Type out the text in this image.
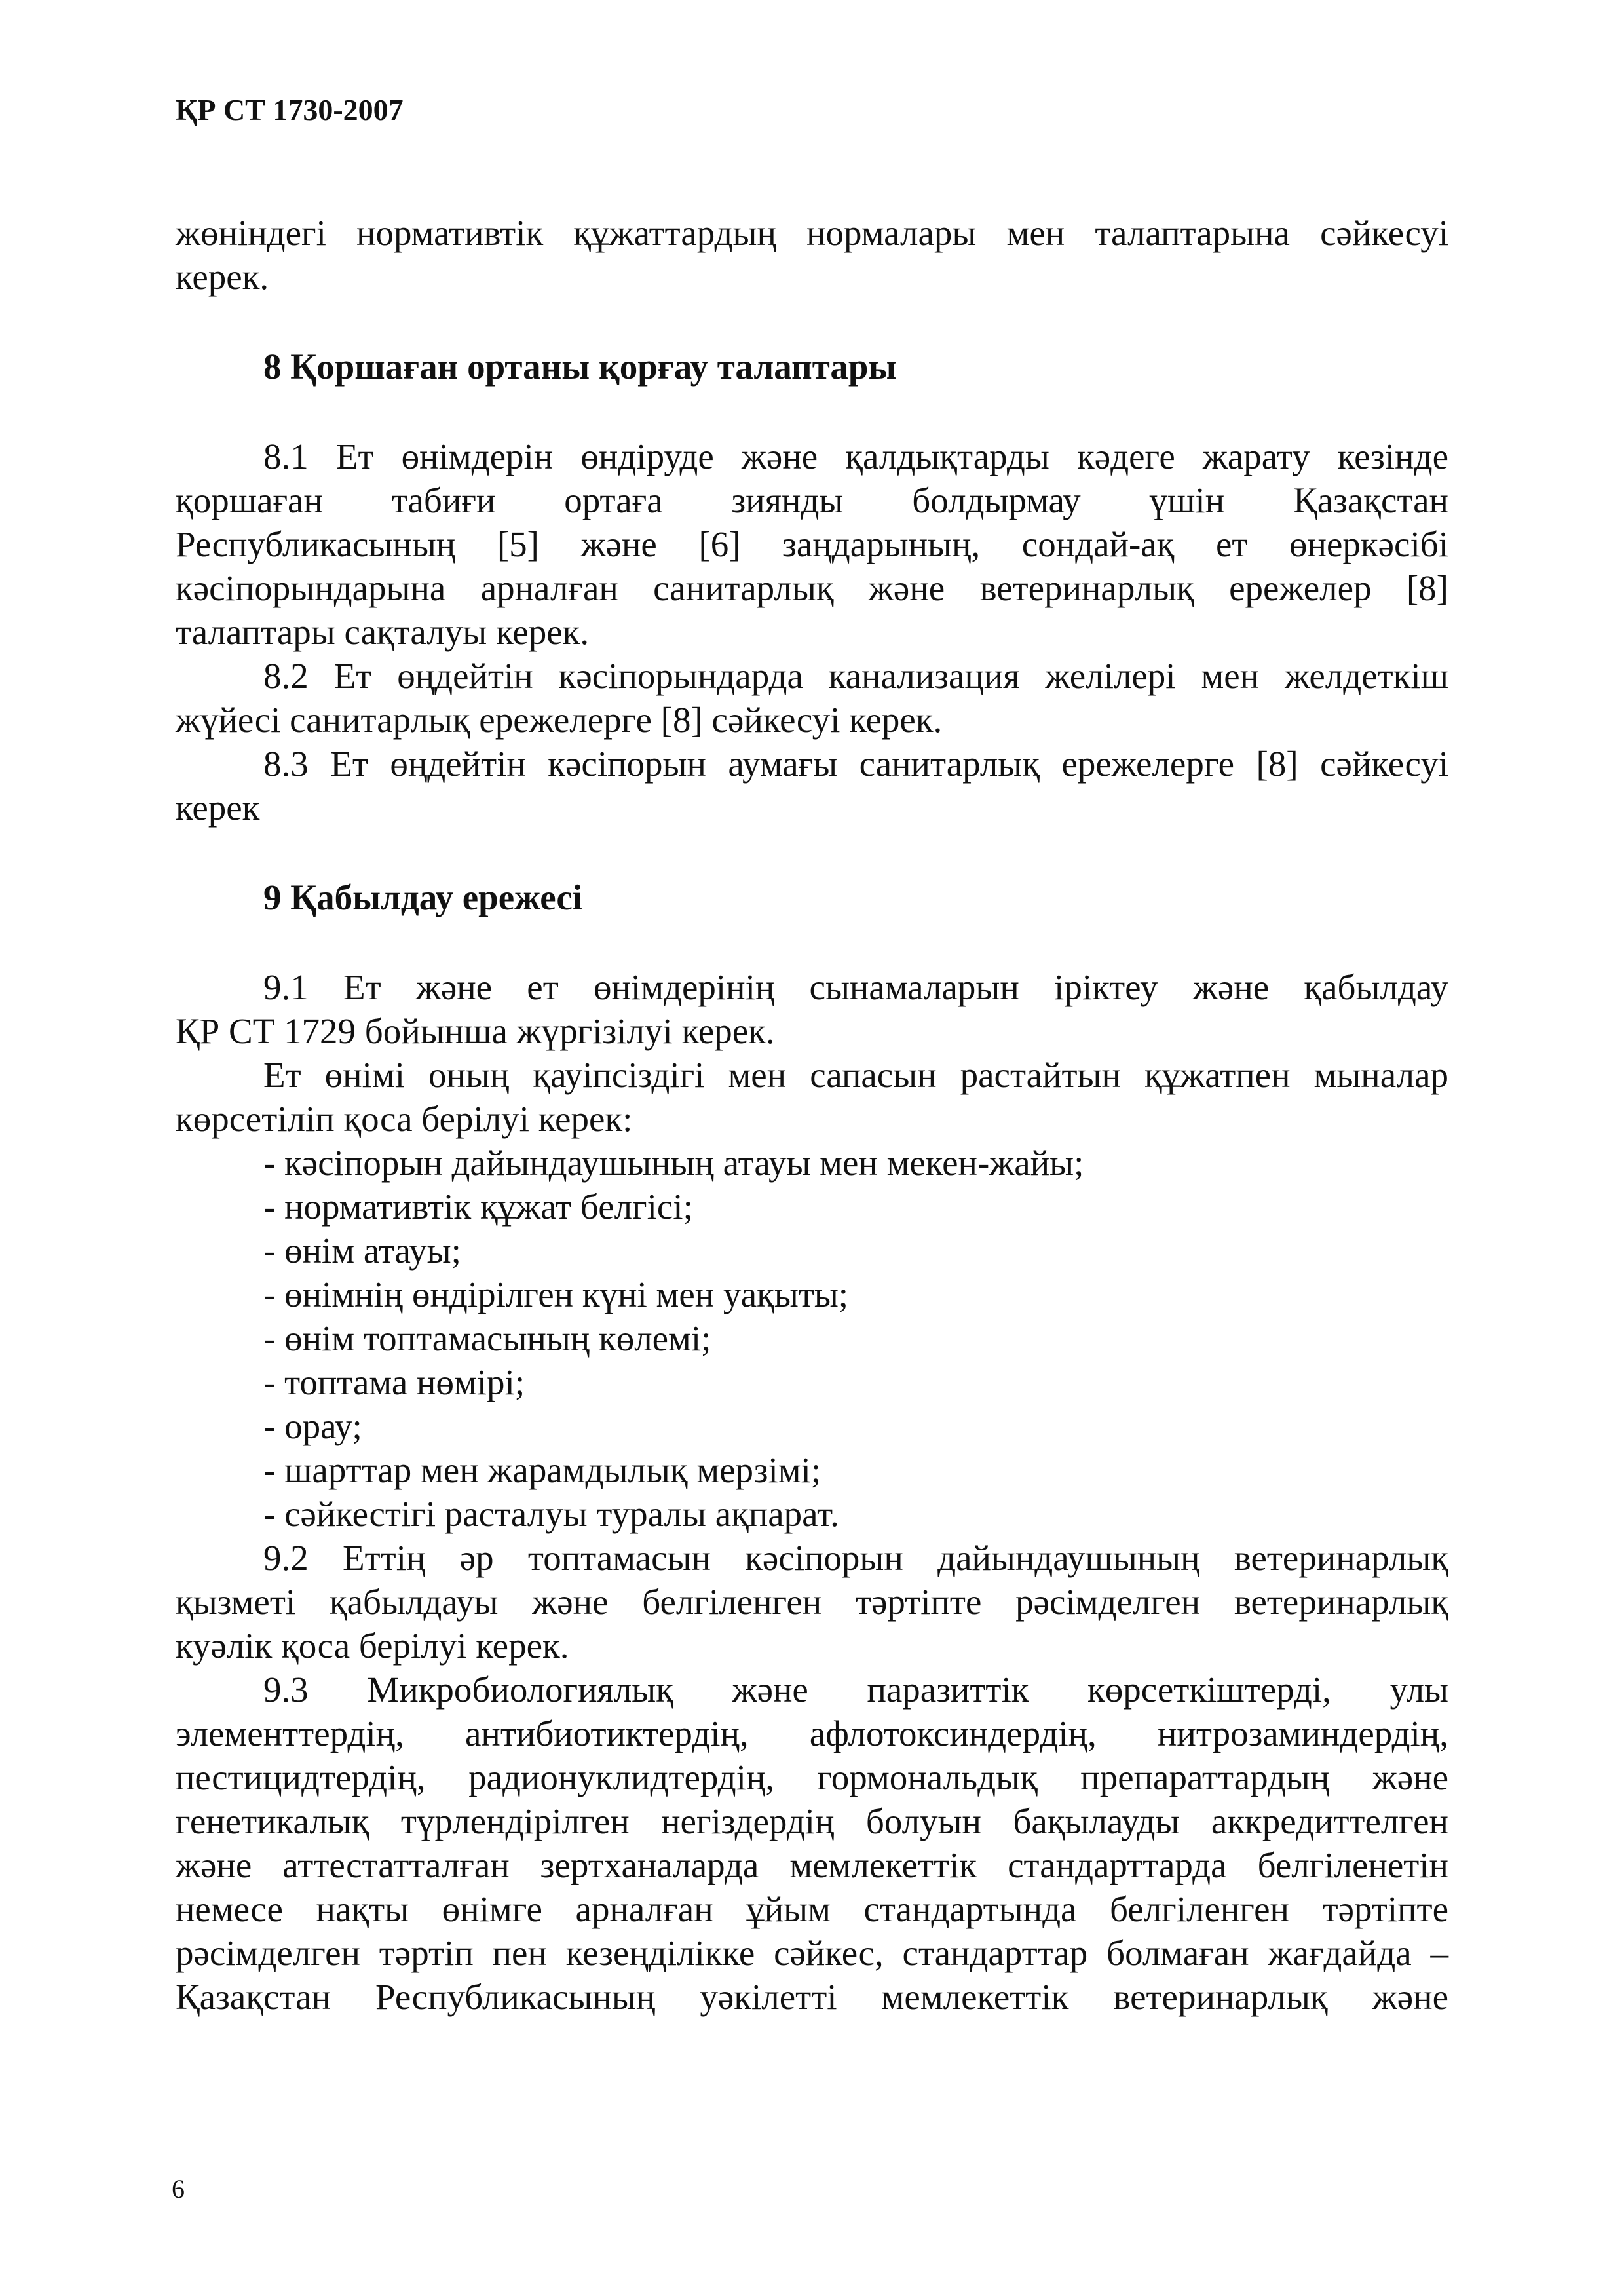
ҚР СТ 1730-2007

жөніндегі нормативтік құжаттардың нормалары мен талаптарына сәйкесуі

керек.

8 Қоршаған ортаны қорғау талаптары

8.1 Ет өнімдерін өндіруде және қалдықтарды кәдеге жарату кезінде

қоршаған табиғи ортаға зиянды болдырмау үшін Қазақстан

Республикасының [5] және [6] заңдарының, сондай-ақ ет өнеркәсібі

кәсіпорындарына арналған санитарлық және ветеринарлық ережелер [8]

талаптары сақталуы керек.

8.2 Ет өңдейтін кәсіпорындарда канализация желілері мен желдеткіш

жүйесі санитарлық ережелерге [8] сәйкесуі керек.

8.3 Ет өңдейтін кәсіпорын аумағы санитарлық ережелерге [8] сәйкесуі

керек

9 Қабылдау ережесі

9.1 Ет және ет өнімдерінің сынамаларын іріктеу және қабылдау

ҚР СТ 1729 бойынша жүргізілуі керек.

Ет өнімі оның қауіпсіздігі мен сапасын растайтын құжатпен мыналар

көрсетіліп қоса берілуі керек:

- кәсіпорын дайындаушының атауы мен мекен-жайы;

- нормативтік құжат белгісі;

- өнім атауы;

- өнімнің өндірілген күні мен уақыты;

- өнім топтамасының көлемі;

- топтама нөмірі;

- орау;

- шарттар мен жарамдылық мерзімі;

- сәйкестігі расталуы туралы ақпарат.

9.2 Еттің әр топтамасын кәсіпорын дайындаушының ветеринарлық

қызметі қабылдауы және белгіленген тәртіпте рәсімделген ветеринарлық

куәлік қоса берілуі керек.

9.3 Микробиологиялық және паразиттік көрсеткіштерді, улы

элементтердің, антибиотиктердің, афлотоксиндердің, нитрозаминдердің,

пестицидтердің, радионуклидтердің, гормональдық препараттардың және

генетикалық түрлендірілген негіздердің болуын бақылауды аккредиттелген

және аттестатталған зертханаларда мемлекеттік стандарттарда белгіленетін

немесе нақты өнімге арналған ұйым стандартында белгіленген тәртіпте

рәсімделген тәртіп пен кезеңділікке сәйкес, стандарттар болмаған жағдайда –

Қазақстан Республикасының уәкілетті мемлекеттік ветеринарлық және

6
